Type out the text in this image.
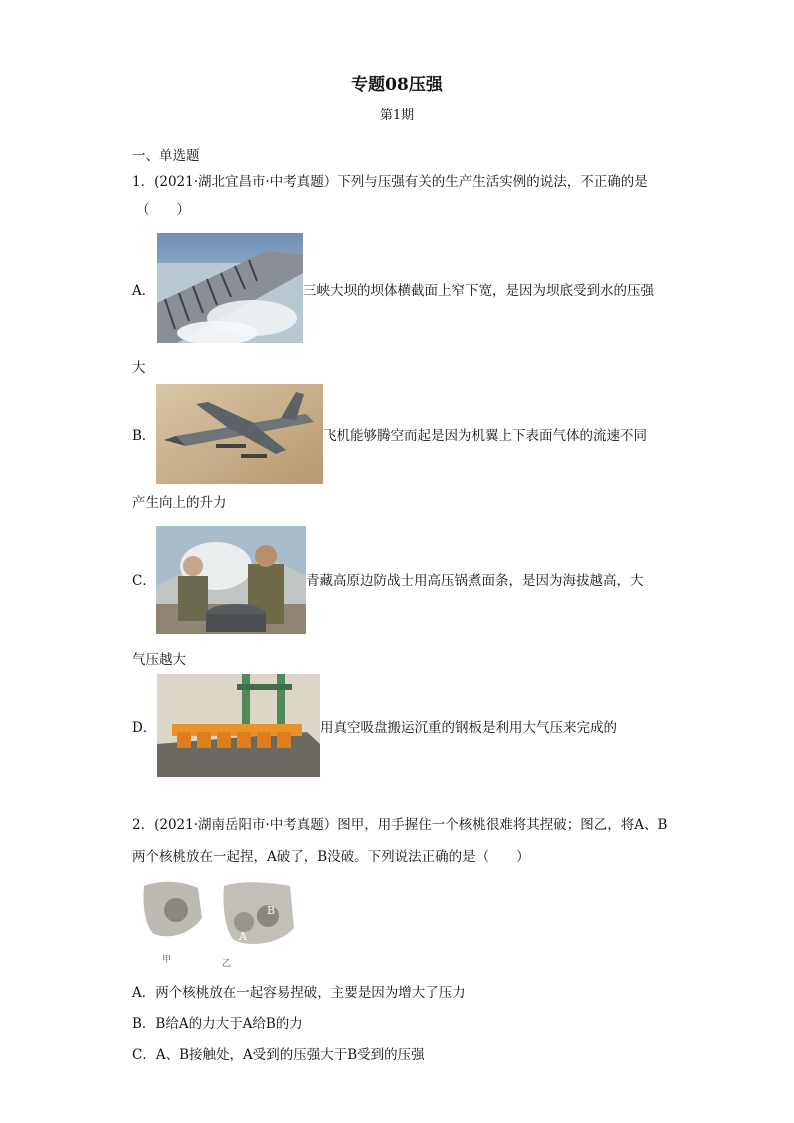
专题08压强
第1期
一、单选题
1．(2021·湖北宜昌市·中考真题）下列与压强有关的生产生活实例的说法，不正确的是
（　　）
A．	三峡大坝的坝体横截面上窄下宽，是因为坝底受到水的压强
大
B．	飞机能够腾空而起是因为机翼上下表面气体的流速不同
产生向上的升力
C．	青藏高原边防战士用高压锅煮面条，是因为海拔越高，大
气压越大
D．	用真空吸盘搬运沉重的钢板是利用大气压来完成的
2．(2021·湖南岳阳市·中考真题）图甲，用手握住一个核桃很难将其捏破；图乙，将A、B
两个核桃放在一起捏，A破了，B没破。下列说法正确的是（　　）
B
A
甲	乙
A．两个核桃放在一起容易捏破，主要是因为增大了压力
B．B给A的力大于A给B的力
C．A、B接触处，A受到的压强大于B受到的压强
